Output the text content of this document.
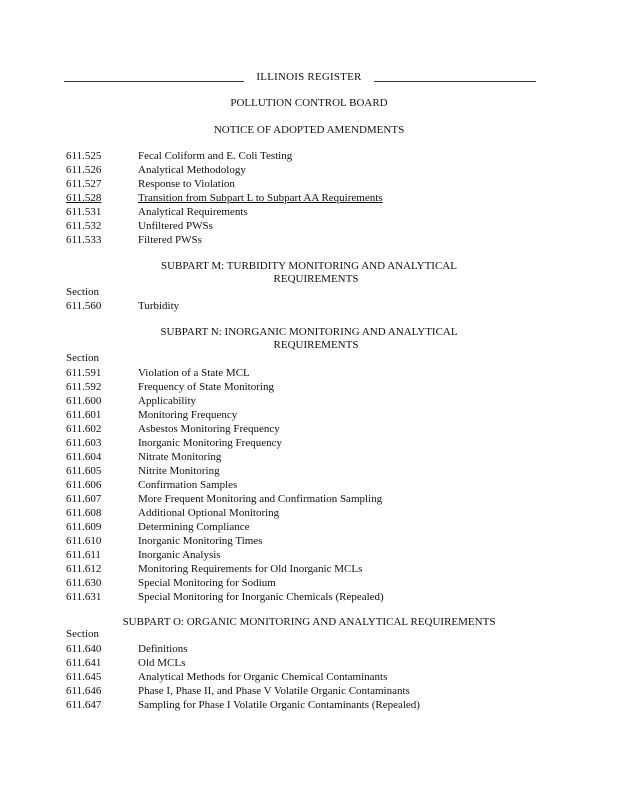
ILLINOIS REGISTER
POLLUTION CONTROL BOARD
NOTICE OF ADOPTED AMENDMENTS
611.525	Fecal Coliform and E. Coli Testing
611.526	Analytical Methodology
611.527	Response to Violation
611.528	Transition from Subpart L to Subpart AA Requirements
611.531	Analytical Requirements
611.532	Unfiltered PWSs
611.533	Filtered PWSs
SUBPART M: TURBIDITY MONITORING AND ANALYTICAL
REQUIREMENTS
Section
611.560	Turbidity
SUBPART N: INORGANIC MONITORING AND ANALYTICAL
REQUIREMENTS
Section
611.591	Violation of a State MCL
611.592	Frequency of State Monitoring
611.600	Applicability
611.601	Monitoring Frequency
611.602	Asbestos Monitoring Frequency
611.603	Inorganic Monitoring Frequency
611.604	Nitrate Monitoring
611.605	Nitrite Monitoring
611.606	Confirmation Samples
611.607	More Frequent Monitoring and Confirmation Sampling
611.608	Additional Optional Monitoring
611.609	Determining Compliance
611.610	Inorganic Monitoring Times
611.611	Inorganic Analysis
611.612	Monitoring Requirements for Old Inorganic MCLs
611.630	Special Monitoring for Sodium
611.631	Special Monitoring for Inorganic Chemicals (Repealed)
SUBPART O: ORGANIC MONITORING AND ANALYTICAL REQUIREMENTS
Section
611.640	Definitions
611.641	Old MCLs
611.645	Analytical Methods for Organic Chemical Contaminants
611.646	Phase I, Phase II, and Phase V Volatile Organic Contaminants
611.647	Sampling for Phase I Volatile Organic Contaminants (Repealed)
